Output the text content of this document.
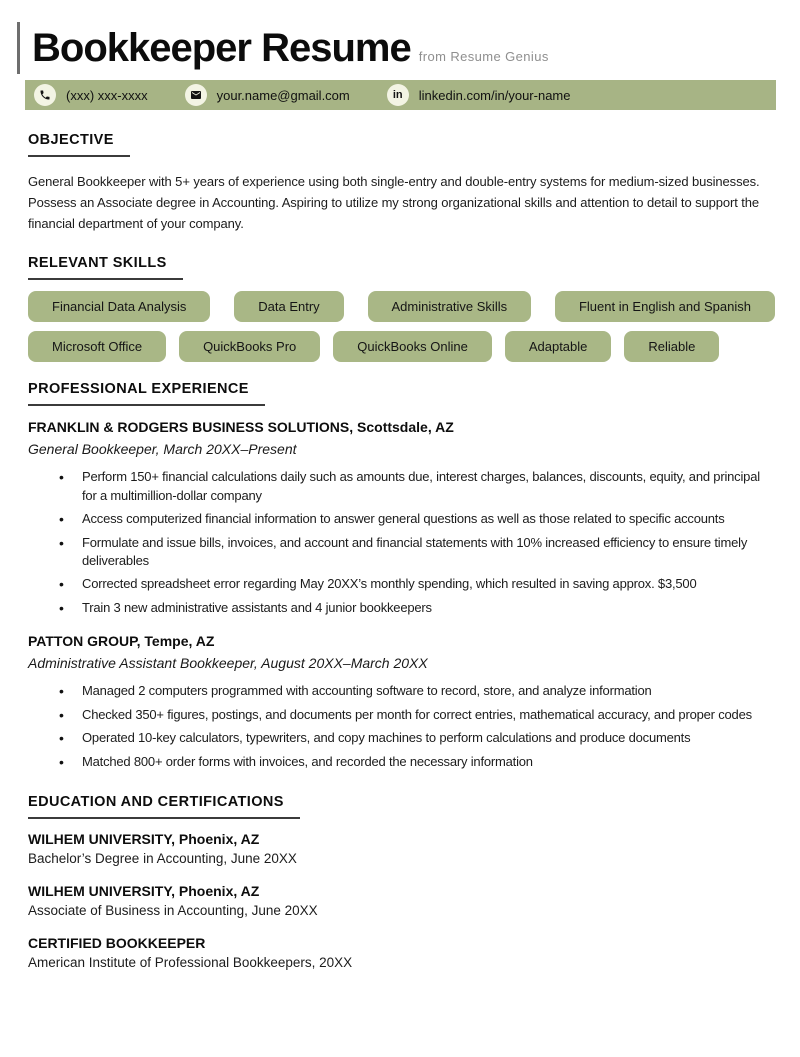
Bookkeeper Resume from Resume Genius
(xxx) xxx-xxxx	your.name@gmail.com	in linkedin.com/in/your-name
OBJECTIVE

General Bookkeeper with 5+ years of experience using both single-entry and double-entry systems for medium-sized businesses. Possess an Associate degree in Accounting. Aspiring to utilize my strong organizational skills and attention to detail to support the financial department of your company.

RELEVANT SKILLS
Financial Data Analysis	Data Entry	Administrative Skills	Fluent in English and Spanish
Microsoft Office	QuickBooks Pro	QuickBooks Online	Adaptable	Reliable
PROFESSIONAL EXPERIENCE
FRANKLIN & RODGERS BUSINESS SOLUTIONS, Scottsdale, AZ
General Bookkeeper, March 20XX–Present
• Perform 150+ financial calculations daily such as amounts due, interest charges, balances, discounts, equity, and principal for a multimillion-dollar company
• Access computerized financial information to answer general questions as well as those related to specific accounts
• Formulate and issue bills, invoices, and account and financial statements with 10% increased efficiency to ensure timely deliverables
• Corrected spreadsheet error regarding May 20XX’s monthly spending, which resulted in saving approx. $3,500
• Train 3 new administrative assistants and 4 junior bookkeepers
PATTON GROUP, Tempe, AZ
Administrative Assistant Bookkeeper, August 20XX–March 20XX
• Managed 2 computers programmed with accounting software to record, store, and analyze information
• Checked 350+ figures, postings, and documents per month for correct entries, mathematical accuracy, and proper codes
• Operated 10-key calculators, typewriters, and copy machines to perform calculations and produce documents
• Matched 800+ order forms with invoices, and recorded the necessary information
EDUCATION AND CERTIFICATIONS
WILHEM UNIVERSITY, Phoenix, AZ
Bachelor’s Degree in Accounting, June 20XX
WILHEM UNIVERSITY, Phoenix, AZ
Associate of Business in Accounting, June 20XX
CERTIFIED BOOKKEEPER
American Institute of Professional Bookkeepers, 20XX
